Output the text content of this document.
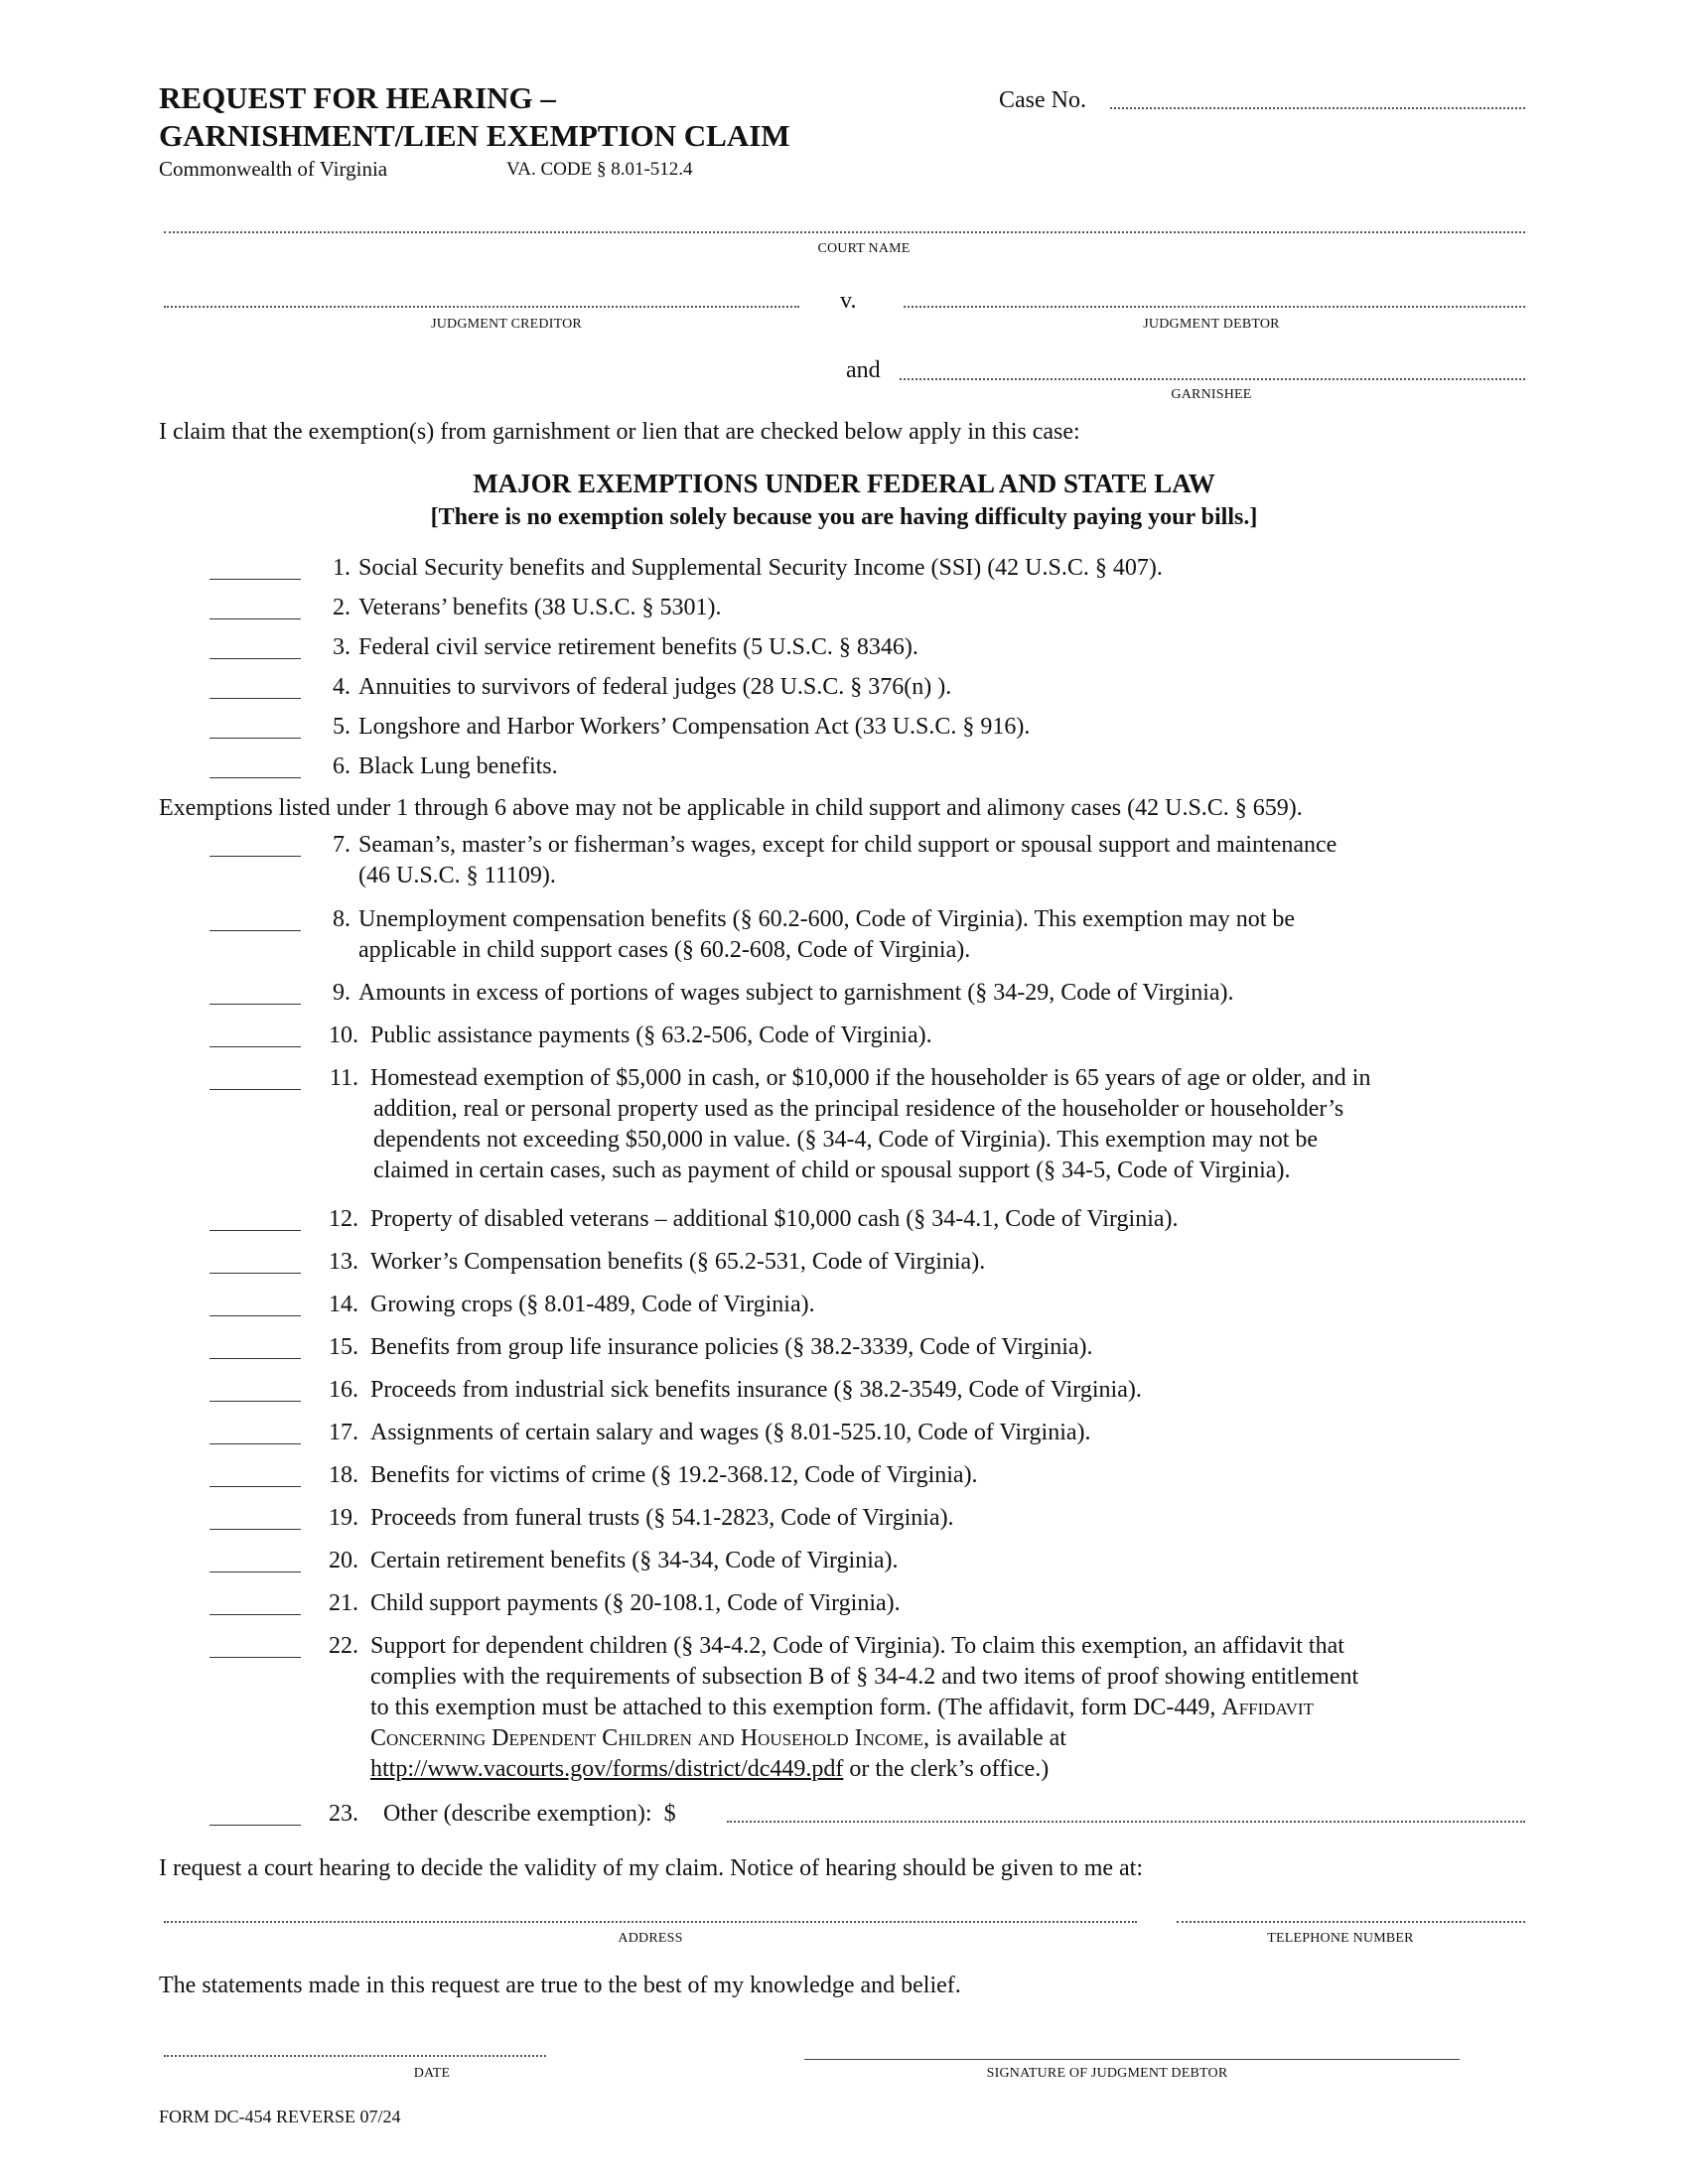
REQUEST FOR HEARING –
GARNISHMENT/LIEN EXEMPTION CLAIM
Commonwealth of Virginia	VA. CODE § 8.01-512.4
Case No.
COURT NAME
v.
JUDGMENT CREDITOR	JUDGMENT DEBTOR
and
GARNISHEE
I claim that the exemption(s) from garnishment or lien that are checked below apply in this case:
MAJOR EXEMPTIONS UNDER FEDERAL AND STATE LAW
[There is no exemption solely because you are having difficulty paying your bills.]
1. Social Security benefits and Supplemental Security Income (SSI) (42 U.S.C. § 407).
2. Veterans’ benefits (38 U.S.C. § 5301).
3. Federal civil service retirement benefits (5 U.S.C. § 8346).
4. Annuities to survivors of federal judges (28 U.S.C. § 376(n) ).
5. Longshore and Harbor Workers’ Compensation Act (33 U.S.C. § 916).
6. Black Lung benefits.
Exemptions listed under 1 through 6 above may not be applicable in child support and alimony cases (42 U.S.C. § 659).
7. Seaman’s, master’s or fisherman’s wages, except for child support or spousal support and maintenance
(46 U.S.C. § 11109).
8. Unemployment compensation benefits (§ 60.2-600, Code of Virginia). This exemption may not be
applicable in child support cases (§ 60.2-608, Code of Virginia).
9. Amounts in excess of portions of wages subject to garnishment (§ 34-29, Code of Virginia).
10. Public assistance payments (§ 63.2-506, Code of Virginia).
11. Homestead exemption of $5,000 in cash, or $10,000 if the householder is 65 years of age or older, and in
addition, real or personal property used as the principal residence of the householder or householder’s
dependents not exceeding $50,000 in value. (§ 34-4, Code of Virginia). This exemption may not be
claimed in certain cases, such as payment of child or spousal support (§ 34-5, Code of Virginia).
12. Property of disabled veterans – additional $10,000 cash (§ 34-4.1, Code of Virginia).
13. Worker’s Compensation benefits (§ 65.2-531, Code of Virginia).
14. Growing crops (§ 8.01-489, Code of Virginia).
15. Benefits from group life insurance policies (§ 38.2-3339, Code of Virginia).
16. Proceeds from industrial sick benefits insurance (§ 38.2-3549, Code of Virginia).
17. Assignments of certain salary and wages (§ 8.01-525.10, Code of Virginia).
18. Benefits for victims of crime (§ 19.2-368.12, Code of Virginia).
19. Proceeds from funeral trusts (§ 54.1-2823, Code of Virginia).
20. Certain retirement benefits (§ 34-34, Code of Virginia).
21. Child support payments (§ 20-108.1, Code of Virginia).
22. Support for dependent children (§ 34-4.2, Code of Virginia). To claim this exemption, an affidavit that
complies with the requirements of subsection B of § 34-4.2 and two items of proof showing entitlement
to this exemption must be attached to this exemption form. (The affidavit, form DC-449, Affidavit
Concerning Dependent Children and Household Income, is available at
http://www.vacourts.gov/forms/district/dc449.pdf or the clerk’s office.)
23. Other (describe exemption): $
I request a court hearing to decide the validity of my claim. Notice of hearing should be given to me at:
ADDRESS	TELEPHONE NUMBER
The statements made in this request are true to the best of my knowledge and belief.
DATE	SIGNATURE OF JUDGMENT DEBTOR
FORM DC-454 REVERSE 07/24
